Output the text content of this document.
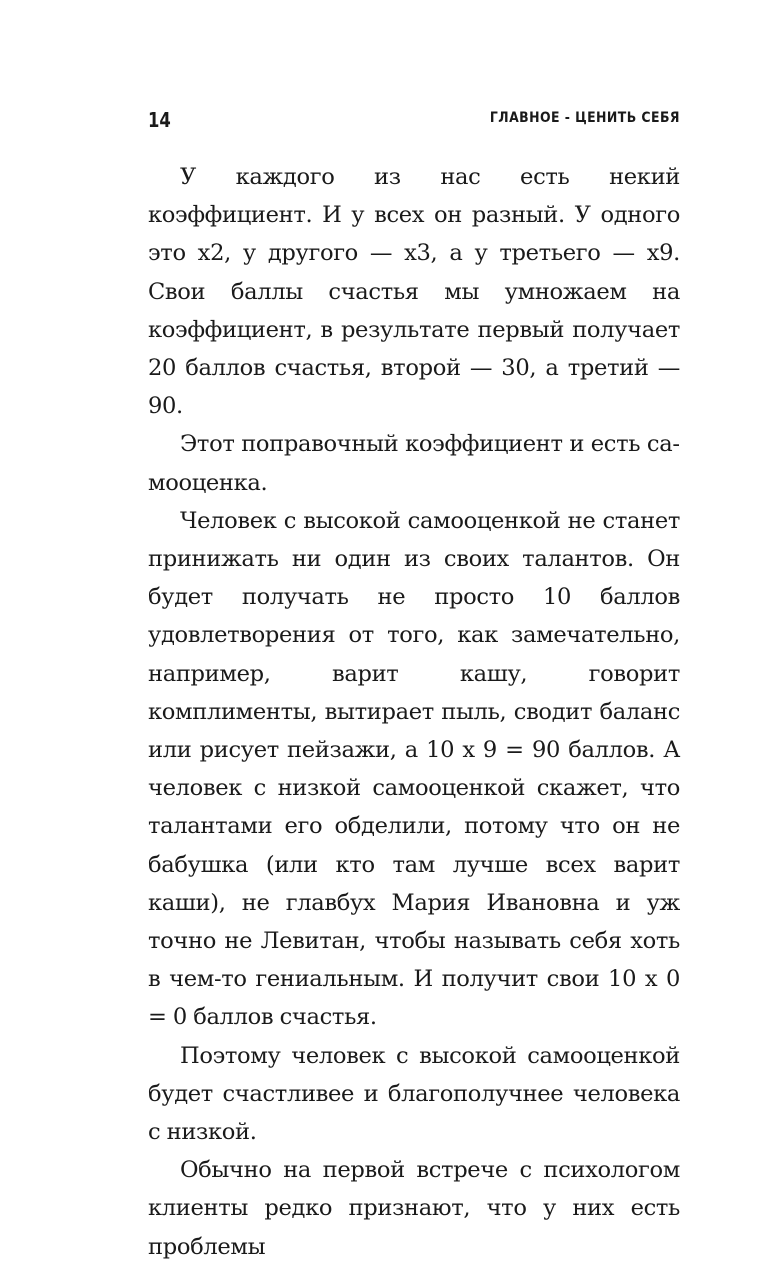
14	ГЛАВНОЕ - ЦЕНИТЬ СЕБЯ

У каждого из нас есть некий коэффициент. И у всех он разный. У одного это х2, у другого — х3, а у третьего — х9. Свои баллы счастья мы умножаем на коэффициент, в результате первый получает 20 баллов счастья, второй — 30, а третий — 90.

Этот поправочный коэффициент и есть самооценка.

Человек с высокой самооценкой не станет принижать ни один из своих талантов. Он будет получать не просто 10 баллов удовлетворения от того, как замечательно, например, варит кашу, говорит комплименты, вытирает пыль, сводит баланс или рисует пейзажи, а 10 х 9 = 90 баллов. А человек с низкой самооценкой скажет, что талантами его обделили, потому что он не бабушка (или кто там лучше всех варит каши), не главбух Мария Ивановна и уж точно не Левитан, чтобы называть себя хоть в чем-то гениальным. И получит свои 10 х 0 = 0 баллов счастья.

Поэтому человек с высокой самооценкой будет счастливее и благополучнее человека с низкой.

Обычно на первой встрече с психологом клиенты редко признают, что у них есть проблемы
